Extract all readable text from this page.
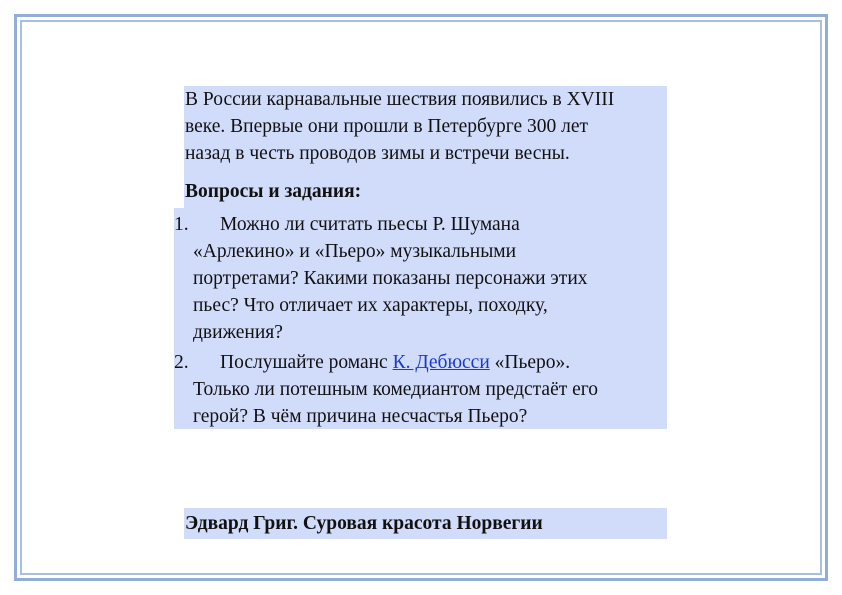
В России карнавальные шествия появились в XVIII
веке. Впервые они прошли в Петербурге 300 лет
назад в честь проводов зимы и встречи весны.
Вопросы и задания:
1. Можно ли считать пьесы Р. Шумана
«Арлекино» и «Пьеро» музыкальными
портретами? Какими показаны персонажи этих
пьес? Что отличает их характеры, походку,
движения?
2. Послушайте романс К. Дебюсси «Пьеро».
Только ли потешным комедиантом предстаёт его
герой? В чём причина несчастья Пьеро?
Эдвард Григ. Суровая красота Норвегии
